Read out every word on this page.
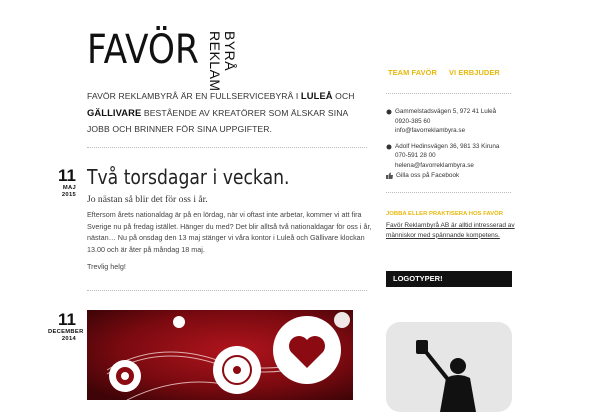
FAVÖR REKLAM BYRÅ
FAVÖR REKLAMBYRÅ ÄR EN FULLSERVICEBYRÅ I LULEÅ OCH GÄLLIVARE BESTÅENDE AV KREATÖRER SOM ÄLSKAR SINA JOBB OCH BRINNER FÖR SINA UPPGIFTER.
11
MAJ
2015
Två torsdagar i veckan.
Jo nästan så blir det för oss i år.

Eftersom årets nationaldag är på en lördag, när vi oftast inte arbetar, kommer vi att fira Sverige nu på fredag istället. Hänger du med? Det blir alltså två nationaldagar för oss i år, nästan… Nu på onsdag den 13 maj stänger vi våra kontor i Luleå och Gällivare klockan 13.00 och är åter på måndag 18 maj.

Trevlig helg!

11
DECEMBER
2014
TEAM FAVÖR VI ERBJUDER
Gammelstadsvägen 5, 972 41 Luleå
0920-385 60
info@favorreklambyra.se
Adolf Hedinsvägen 36, 981 33 Kiruna
070-591 28 00
helena@favorreklambyra.se
Gilla oss på Facebook
JOBBA ELLER PRAKTISERA HOS FAVÖR
Favör Reklambyrå AB är alltid intresserad av människor med spännande kompetens.
LOGOTYPER!
